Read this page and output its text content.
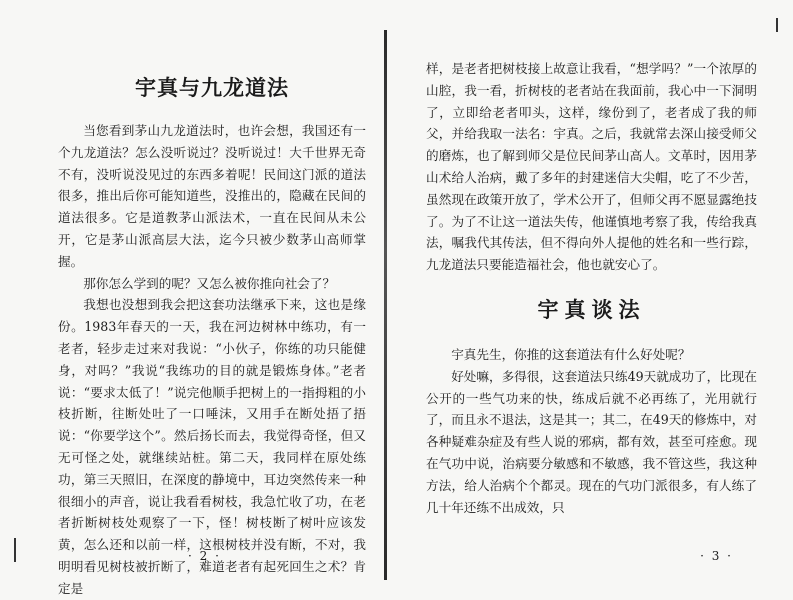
宇真与九龙道法

当您看到茅山九龙道法时，也许会想，我国还有一个九龙道法？怎么没听说过？没听说过！大千世界无奇不有，没听说没见过的东西多着呢！民间这门派的道法很多，推出后你可能知道些，没推出的，隐藏在民间的道法很多。它是道教茅山派法术，一直在民间从未公开，它是茅山派高层大法，迄今只被少数茅山高师掌握。

那你怎么学到的呢？又怎么被你推向社会了？

我想也没想到我会把这套功法继承下来，这也是缘份。1983年春天的一天，我在河边树林中练功，有一老者，轻步走过来对我说：“小伙子，你练的功只能健身，对吗？”我说“我练功的目的就是锻炼身体。”老者说：“要求太低了！”说完他顺手把树上的一指拇粗的小枝折断，往断处吐了一口唾沫，又用手在断处捂了捂说：“你要学这个”。然后扬长而去，我觉得奇怪，但又无可怪之处，就继续站桩。第二天，我同样在原处练功，第三天照旧，在深度的静境中，耳边突然传来一种很细小的声音，说让我看看树枝，我急忙收了功，在老者折断树枝处观察了一下，怪！树枝断了树叶应该发黄，怎么还和以前一样，这根树枝并没有断，不对，我明明看见树枝被折断了，难道老者有起死回生之术？肯定是

· 2 ·

样，是老者把树枝接上故意让我看，“想学吗？”一个浓厚的山腔，我一看，折树枝的老者站在我面前，我心中一下洞明了，立即给老者叩头，这样，缘份到了，老者成了我的师父，并给我取一法名：宇真。之后，我就常去深山接受师父的磨炼，也了解到师父是位民间茅山高人。文革时，因用茅山术给人治病，戴了多年的封建迷信大尖帽，吃了不少苦，虽然现在政策开放了，学术公开了，但师父再不愿显露绝技了。为了不让这一道法失传，他谨慎地考察了我，传给我真法，嘱我代其传法，但不得向外人提他的姓名和一些行踪，九龙道法只要能造福社会，他也就安心了。

宇真谈法

宇真先生，你推的这套道法有什么好处呢？

好处嘛，多得很，这套道法只练49天就成功了，比现在公开的一些气功来的快，练成后就不必再练了，光用就行了，而且永不退法，这是其一；其二，在49天的修炼中，对各种疑难杂症及有些人说的邪病，都有效，甚至可痊愈。现在气功中说，治病要分敏感和不敏感，我不管这些，我这种方法，给人治病个个都灵。现在的气功门派很多，有人练了几十年还练不出成效，只

· 3 ·
